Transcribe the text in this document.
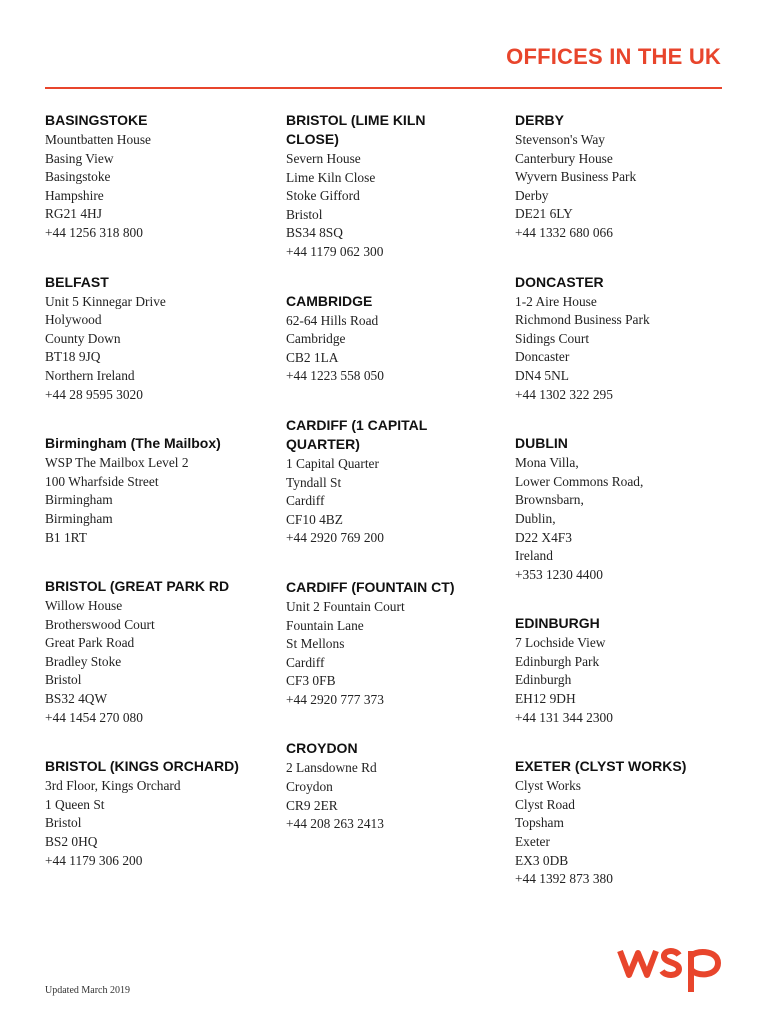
OFFICES IN THE UK
BASINGSTOKE
Mountbatten House
Basing View
Basingstoke
Hampshire
RG21 4HJ
+44 1256 318 800
BELFAST
Unit 5 Kinnegar Drive
Holywood
County Down
BT18 9JQ
Northern Ireland
+44 28 9595 3020
Birmingham (The Mailbox)
WSP The Mailbox Level 2
100 Wharfside Street
Birmingham
Birmingham
B1 1RT
BRISTOL (GREAT PARK RD
Willow House
Brotherswood Court
Great Park Road
Bradley Stoke
Bristol
BS32 4QW
+44 1454 270 080
BRISTOL (KINGS ORCHARD)
3rd Floor, Kings Orchard
1 Queen St
Bristol
BS2 0HQ
+44 1179 306 200
BRISTOL (LIME KILN CLOSE)
Severn House
Lime Kiln Close
Stoke Gifford
Bristol
BS34 8SQ
+44 1179 062 300
CAMBRIDGE
62-64 Hills Road
Cambridge
CB2 1LA
+44 1223 558 050
CARDIFF (1 CAPITAL QUARTER)
1 Capital Quarter
Tyndall St
Cardiff
CF10 4BZ
+44 2920 769 200
CARDIFF (FOUNTAIN CT)
Unit 2 Fountain Court
Fountain Lane
St Mellons
Cardiff
CF3 0FB
+44 2920 777 373
CROYDON
2 Lansdowne Rd
Croydon
CR9 2ER
+44 208 263 2413
DERBY
Stevenson's Way
Canterbury House
Wyvern Business Park
Derby
DE21 6LY
+44 1332 680 066
DONCASTER
1-2 Aire House
Richmond Business Park
Sidings Court
Doncaster
DN4 5NL
+44 1302 322 295
DUBLIN
Mona Villa,
Lower Commons Road,
Brownsbarn,
Dublin,
D22 X4F3
Ireland
+353 1230 4400
EDINBURGH
7 Lochside View
Edinburgh Park
Edinburgh
EH12 9DH
+44 131 344 2300
EXETER (CLYST WORKS)
Clyst Works
Clyst Road
Topsham
Exeter
EX3 0DB
+44 1392 873 380
Updated March 2019
